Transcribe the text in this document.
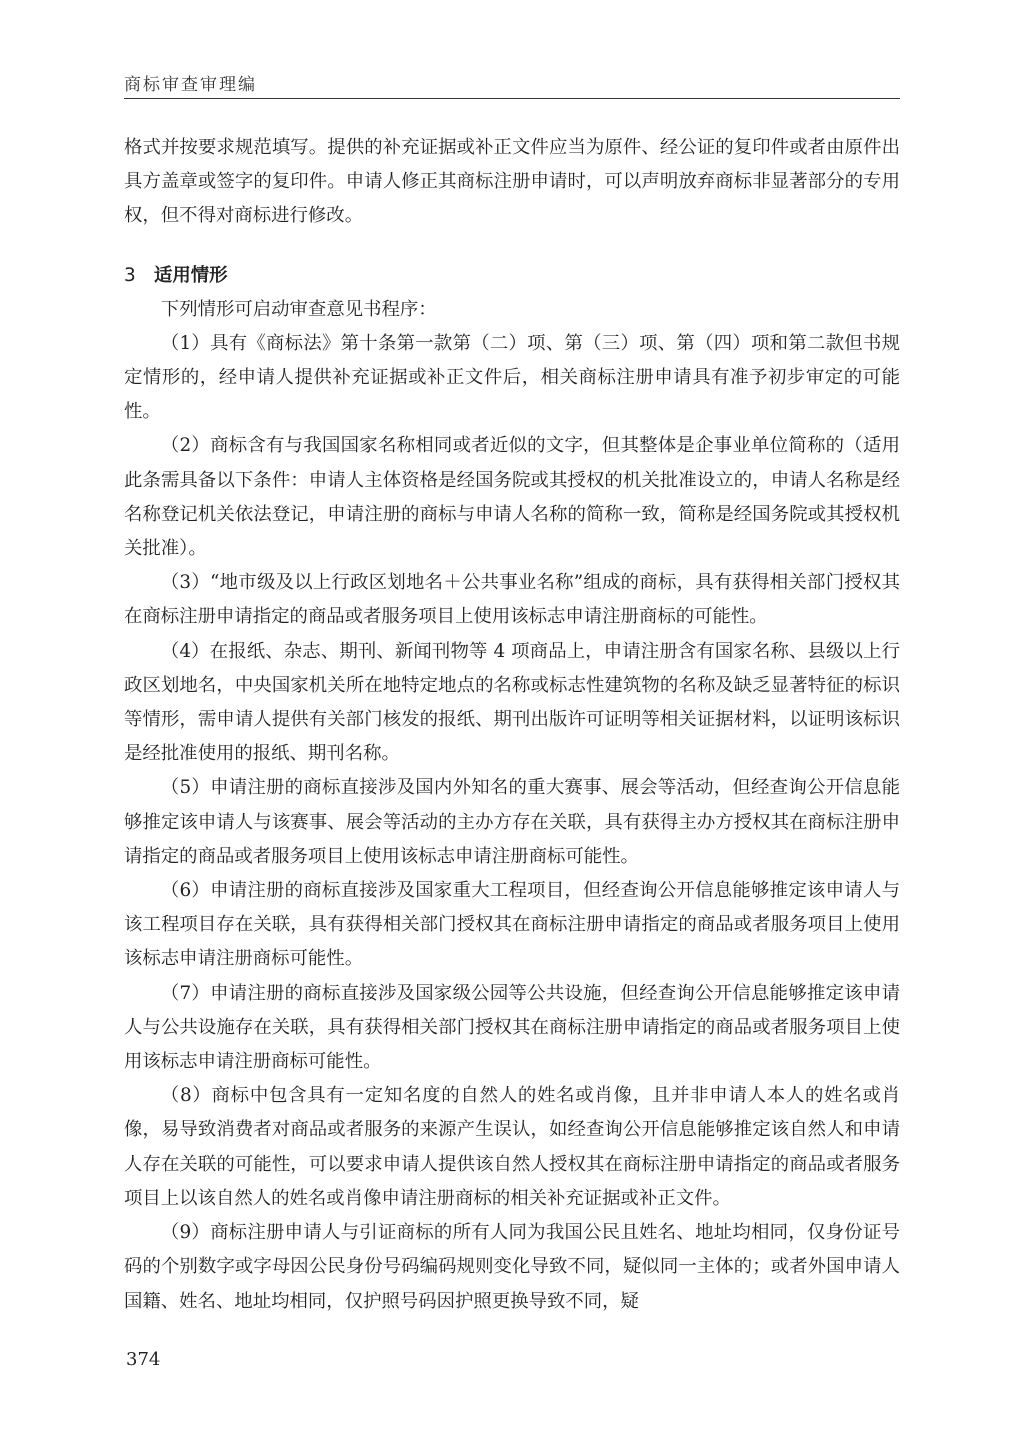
商标审查审理编

格式并按要求规范填写。提供的补充证据或补正文件应当为原件、经公证的复印件或者由原件出具方盖章或签字的复印件。申请人修正其商标注册申请时，可以声明放弃商标非显著部分的专用权，但不得对商标进行修改。

3 适用情形

下列情形可启动审查意见书程序：

（1）具有《商标法》第十条第一款第（二）项、第（三）项、第（四）项和第二款但书规定情形的，经申请人提供补充证据或补正文件后，相关商标注册申请具有准予初步审定的可能性。

（2）商标含有与我国国家名称相同或者近似的文字，但其整体是企事业单位简称的（适用此条需具备以下条件：申请人主体资格是经国务院或其授权的机关批准设立的，申请人名称是经名称登记机关依法登记，申请注册的商标与申请人名称的简称一致，简称是经国务院或其授权机关批准）。

（3）“地市级及以上行政区划地名＋公共事业名称”组成的商标，具有获得相关部门授权其在商标注册申请指定的商品或者服务项目上使用该标志申请注册商标的可能性。

（4）在报纸、杂志、期刊、新闻刊物等 4 项商品上，申请注册含有国家名称、县级以上行政区划地名，中央国家机关所在地特定地点的名称或标志性建筑物的名称及缺乏显著特征的标识等情形，需申请人提供有关部门核发的报纸、期刊出版许可证明等相关证据材料，以证明该标识是经批准使用的报纸、期刊名称。

（5）申请注册的商标直接涉及国内外知名的重大赛事、展会等活动，但经查询公开信息能够推定该申请人与该赛事、展会等活动的主办方存在关联，具有获得主办方授权其在商标注册申请指定的商品或者服务项目上使用该标志申请注册商标可能性。

（6）申请注册的商标直接涉及国家重大工程项目，但经查询公开信息能够推定该申请人与该工程项目存在关联，具有获得相关部门授权其在商标注册申请指定的商品或者服务项目上使用该标志申请注册商标可能性。

（7）申请注册的商标直接涉及国家级公园等公共设施，但经查询公开信息能够推定该申请人与公共设施存在关联，具有获得相关部门授权其在商标注册申请指定的商品或者服务项目上使用该标志申请注册商标可能性。

（8）商标中包含具有一定知名度的自然人的姓名或肖像，且并非申请人本人的姓名或肖像，易导致消费者对商品或者服务的来源产生误认，如经查询公开信息能够推定该自然人和申请人存在关联的可能性，可以要求申请人提供该自然人授权其在商标注册申请指定的商品或者服务项目上以该自然人的姓名或肖像申请注册商标的相关补充证据或补正文件。

（9）商标注册申请人与引证商标的所有人同为我国公民且姓名、地址均相同，仅身份证号码的个别数字或字母因公民身份号码编码规则变化导致不同，疑似同一主体的；或者外国申请人国籍、姓名、地址均相同，仅护照号码因护照更换导致不同，疑

374
